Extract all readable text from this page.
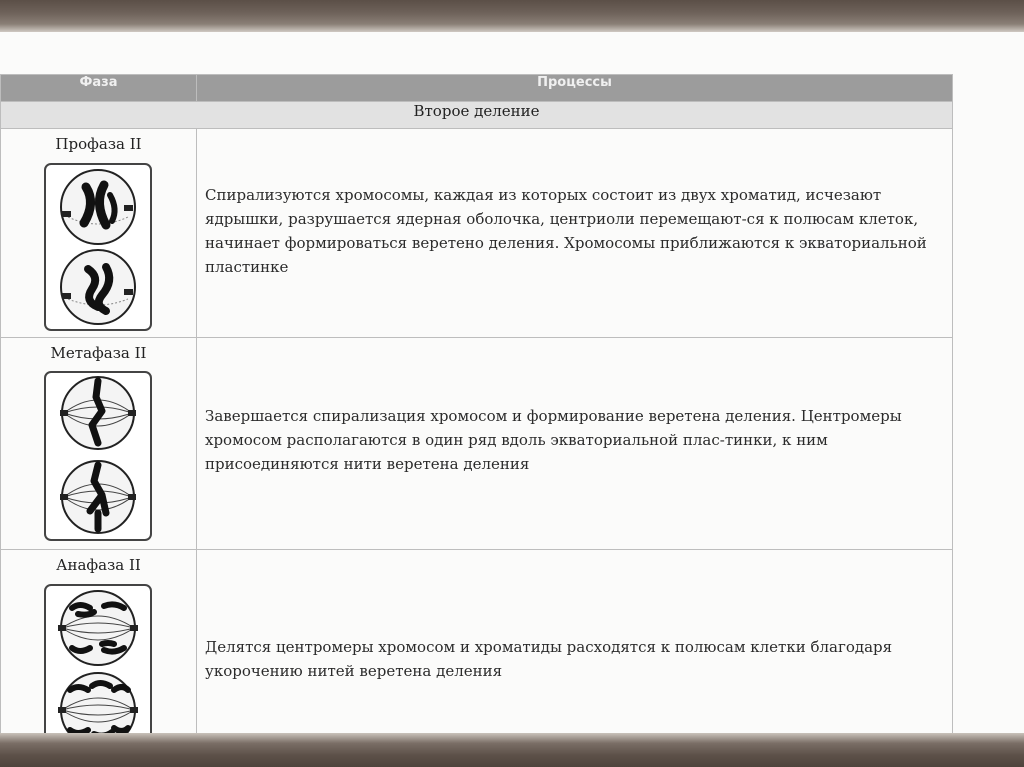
Фаза	Процессы
Второе деление	

Профаза II	Спирализуются хромосомы, каждая из которых состоит из двух хроматид, исчезают ядрышки, разрушается ядерная оболочка, центриоли перемещают-ся к полюсам клеток, начинает формироваться веретено деления. Хромосомы приближаются к экваториальной пластинке

Метафаза II	Завершается спирализация хромосом и формирование веретена деления. Центромеры хромосом располагаются в один ряд вдоль экваториальной плас-тинки, к ним присоединяются нити веретена деления

Анафаза II	Делятся центромеры хромосом и хроматиды расходятся к полюсам клетки благодаря укорочению нитей веретена деления
